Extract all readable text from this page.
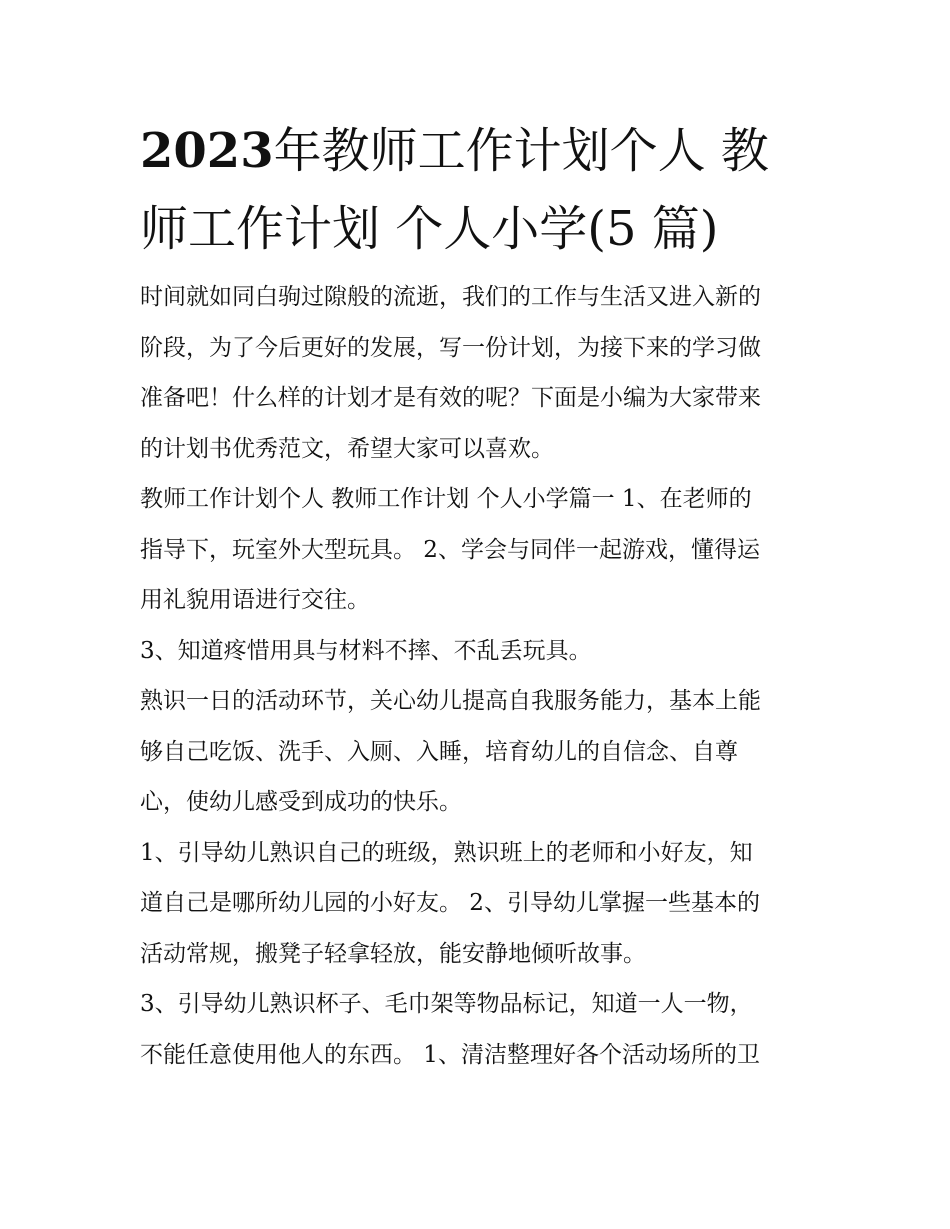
2023年教师工作计划个人 教
师工作计划 个人小学(5 篇)

时间就如同白驹过隙般的流逝，我们的工作与生活又进入新的
阶段，为了今后更好的发展，写一份计划，为接下来的学习做
准备吧！什么样的计划才是有效的呢？下面是小编为大家带来
的计划书优秀范文，希望大家可以喜欢。

教师工作计划个人 教师工作计划 个人小学篇一 1、在老师的
指导下，玩室外大型玩具。 2、学会与同伴一起游戏，懂得运
用礼貌用语进行交往。

3、知道疼惜用具与材料不摔、不乱丢玩具。

熟识一日的活动环节，关心幼儿提高自我服务能力，基本上能
够自己吃饭、洗手、入厕、入睡，培育幼儿的自信念、自尊
心，使幼儿感受到成功的快乐。

1、引导幼儿熟识自己的班级，熟识班上的老师和小好友，知
道自己是哪所幼儿园的小好友。 2、引导幼儿掌握一些基本的
活动常规，搬凳子轻拿轻放，能安静地倾听故事。

3、引导幼儿熟识杯子、毛巾架等物品标记，知道一人一物，
不能任意使用他人的东西。 1、清洁整理好各个活动场所的卫
